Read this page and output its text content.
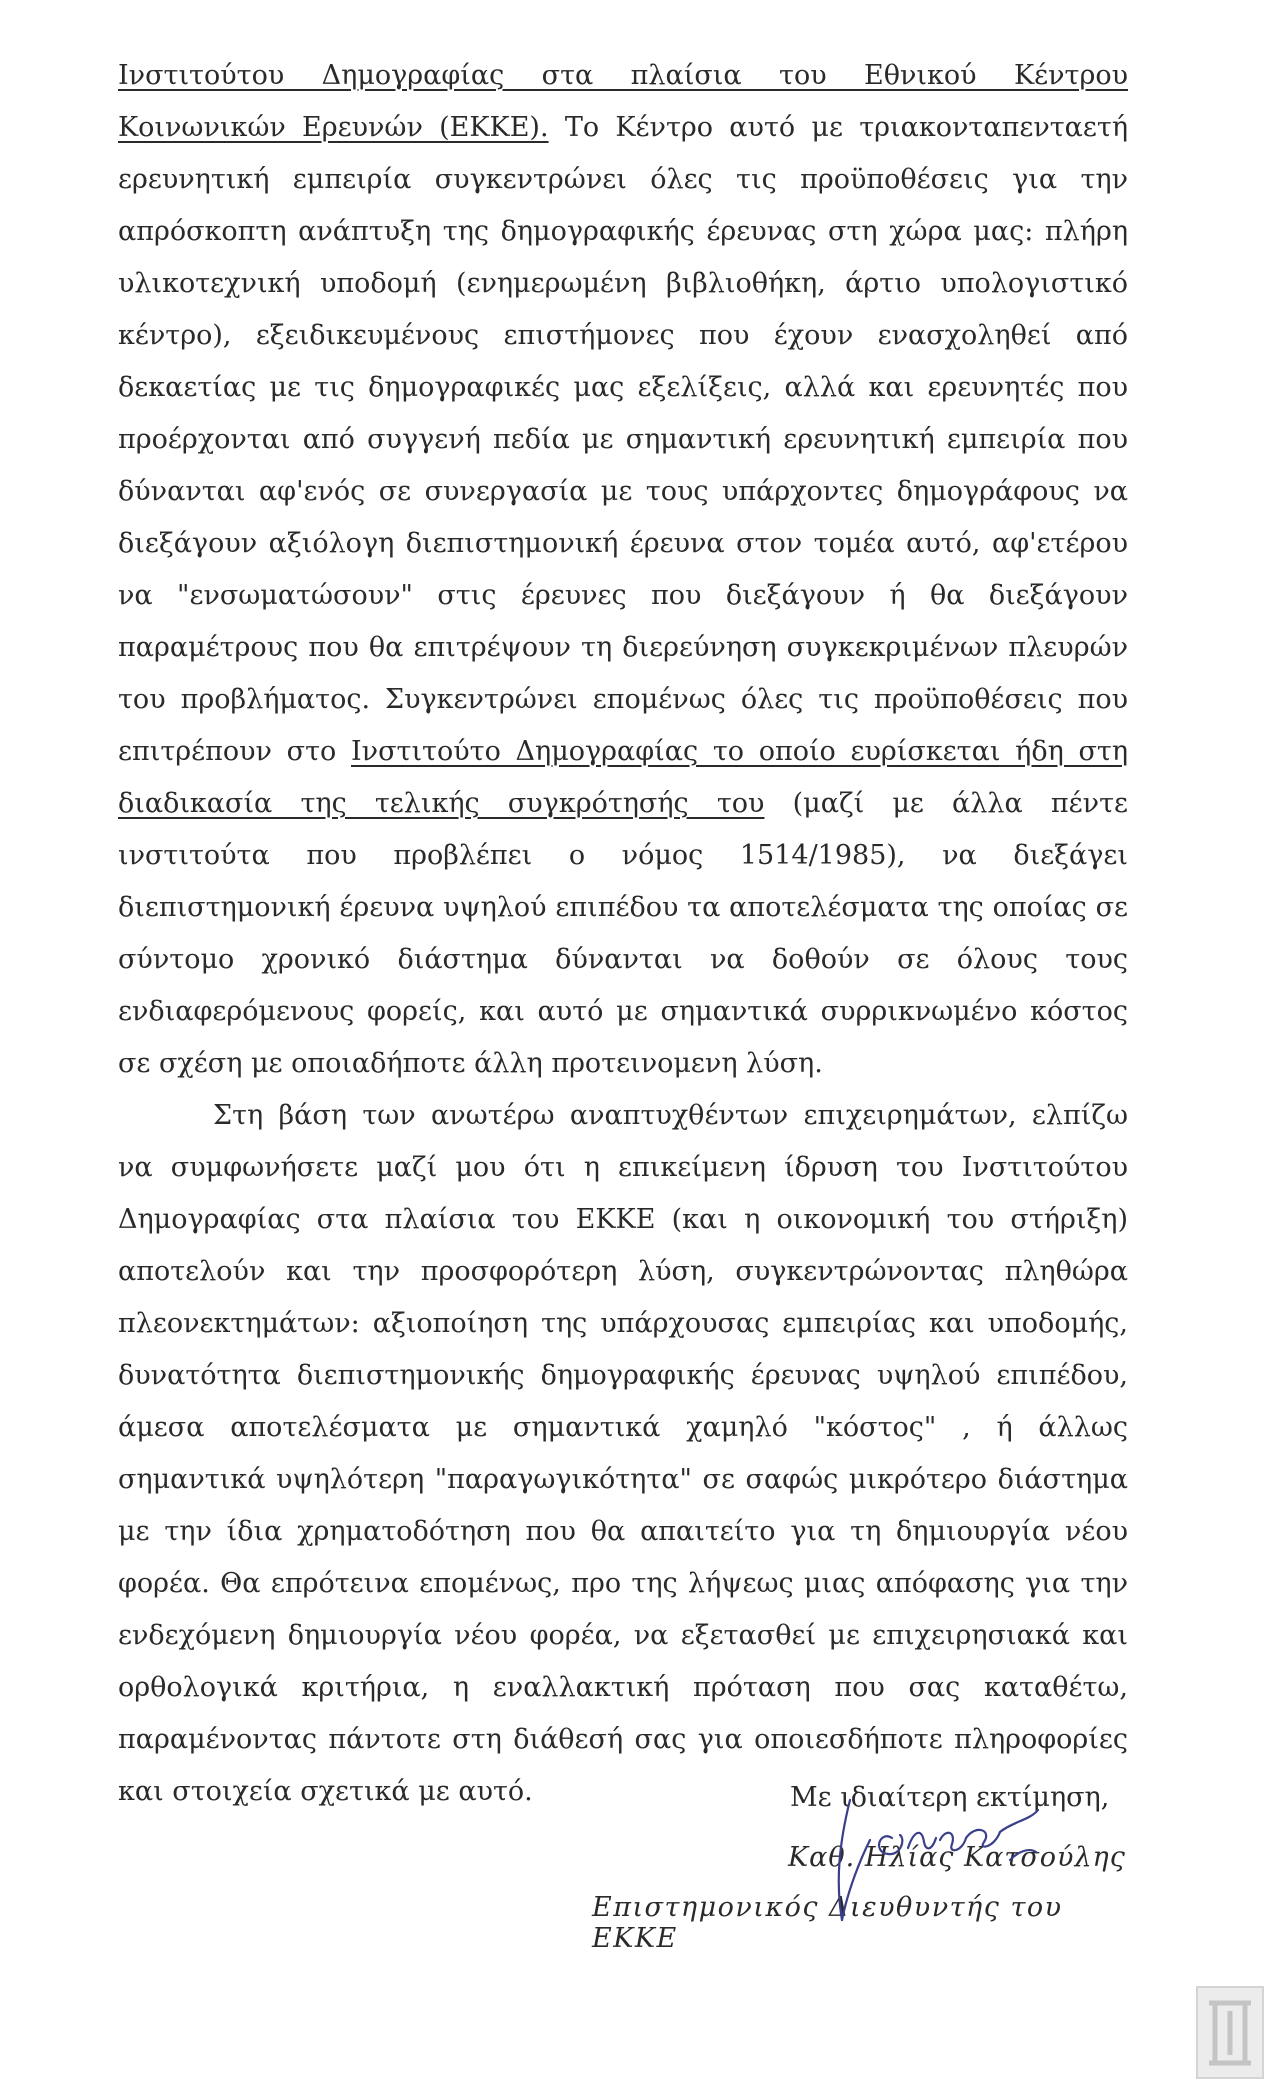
Ινστιτούτου Δημογραφίας στα πλαίσια του Εθνικού Κέντρου Κοινωνικών Ερευνών (ΕΚΚΕ). Το Κέντρο αυτό με τριακονταπενταετή ερευνητική εμπειρία συγκεντρώνει όλες τις προϋποθέσεις για την απρόσκοπτη ανάπτυξη της δημογραφικής έρευνας στη χώρα μας: πλήρη υλικοτεχνική υποδομή (ενημερωμένη βιβλιοθήκη, άρτιο υπολογιστικό κέντρο), εξειδικευμένους επιστήμονες που έχουν ενασχοληθεί από δεκαετίας με τις δημογραφικές μας εξελίξεις, αλλά και ερευνητές που προέρχονται από συγγενή πεδία με σημαντική ερευνητική εμπειρία που δύνανται αφ'ενός σε συνεργασία με τους υπάρχοντες δημογράφους να διεξάγουν αξιόλογη διεπιστημονική έρευνα στον τομέα αυτό, αφ'ετέρου να "ενσωματώσουν" στις έρευνες που διεξάγουν ή θα διεξάγουν παραμέτρους που θα επιτρέψουν τη διερεύνηση συγκεκριμένων πλευρών του προβλήματος. Συγκεντρώνει επομένως όλες τις προϋποθέσεις που επιτρέπουν στο Ινστιτούτο Δημογραφίας το οποίο ευρίσκεται ήδη στη διαδικασία της τελικής συγκρότησής του (μαζί με άλλα πέντε ινστιτούτα που προβλέπει ο νόμος 1514/1985), να διεξάγει διεπιστημονική έρευνα υψηλού επιπέδου τα αποτελέσματα της οποίας σε σύντομο χρονικό διάστημα δύνανται να δοθούν σε όλους τους ενδιαφερόμενους φορείς, και αυτό με σημαντικά συρρικνωμένο κόστος σε σχέση με οποιαδήποτε άλλη προτεινομενη λύση.

Στη βάση των ανωτέρω αναπτυχθέντων επιχειρημάτων, ελπίζω να συμφωνήσετε μαζί μου ότι η επικείμενη ίδρυση του Ινστιτούτου Δημογραφίας στα πλαίσια του ΕΚΚΕ (και η οικονομική του στήριξη) αποτελούν και την προσφορότερη λύση, συγκεντρώνοντας πληθώρα πλεονεκτημάτων: αξιοποίηση της υπάρχουσας εμπειρίας και υποδομής, δυνατότητα διεπιστημονικής δημογραφικής έρευνας υψηλού επιπέδου, άμεσα αποτελέσματα με σημαντικά χαμηλό "κόστος" , ή άλλως σημαντικά υψηλότερη "παραγωγικότητα" σε σαφώς μικρότερο διάστημα με την ίδια χρηματοδότηση που θα απαιτείτο για τη δημιουργία νέου φορέα. Θα επρότεινα επομένως, προ της λήψεως μιας απόφασης για την ενδεχόμενη δημιουργία νέου φορέα, να εξετασθεί με επιχειρησιακά και ορθολογικά κριτήρια, η εναλλακτική πρόταση που σας καταθέτω, παραμένοντας πάντοτε στη διάθεσή σας για οποιεσδήποτε πληροφορίες και στοιχεία σχετικά με αυτό.	Με ιδιαίτερη εκτίμηση,
Καθ. Ηλίας Κατσούλης
Επιστημονικός Διευθυντής του ΕΚΚΕ
